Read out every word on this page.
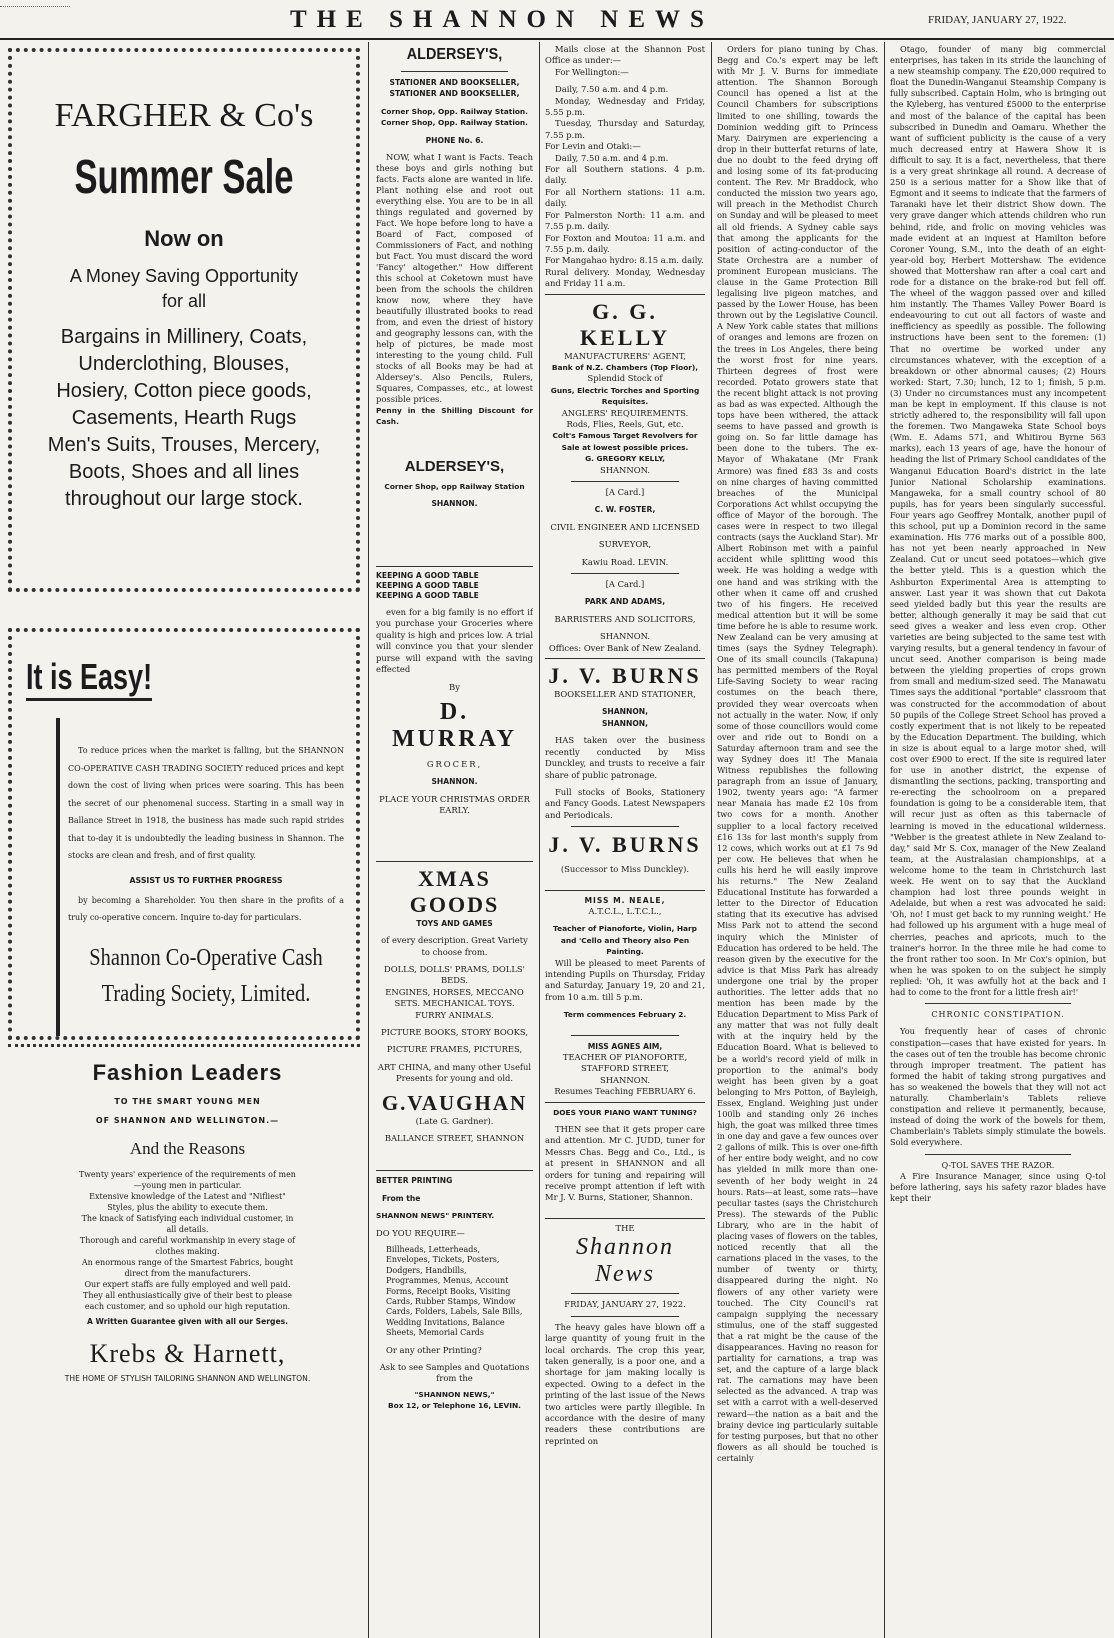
THE SHANNON NEWS	FRIDAY, JANUARY 27, 1922.
FARGHER & Co's
Summer Sale
Now on
A Money Saving Opportunity
for all
Bargains in Millinery, Coats,
Underclothing, Blouses,
Hosiery, Cotton piece goods,
Casements, Hearth Rugs
Men's Suits, Trouses, Mercery,
Boots, Shoes and all lines
throughout our large stock.
It is Easy!

To reduce prices when the market is falling, but the SHANNON CO-OPERATIVE CASH TRADING SOCIETY reduced prices and kept down the cost of living when prices were soaring. This has been the secret of our phenomenal success. Starting in a small way in Ballance Street in 1918, the business has made such rapid strides that to-day it is undoubtedly the leading business in Shannon. The stocks are clean and fresh, and of first quality.

ASSIST US TO FURTHER PROGRESS

by becoming a Shareholder. You then share in the profits of a truly co-operative concern. Inquire to-day for particulars.

Shannon Co-Operative Cash
Trading Society, Limited.
Fashion Leaders
TO THE SMART YOUNG MEN
OF SHANNON AND WELLINGTON.—
And the Reasons

Twenty years' experience of the requirements of men—young men in particular.

Extensive knowledge of the Latest and "Nifliest" Styles, plus the ability to execute them.

The knack of Satisfying each individual customer, in all details.

Thorough and careful workmanship in every stage of clothes making.

An enormous range of the Smartest Fabrics, bought direct from the manufacturers.

Our expert staffs are fully employed and well paid. They all enthusiastically give of their best to please each customer, and so uphold our high reputation.

A Written Guarantee given with all our Serges.

Krebs & Harnett,
THE HOME OF STYLISH TAILORING SHANNON AND WELLINGTON.
ALDERSEY'S,
STATIONER AND BOOKSELLER,
STATIONER AND BOOKSELLER,
Corner Shop, Opp. Railway Station.
Corner Shop, Opp. Railway Station.
PHONE No. 6.

NOW, what I want is Facts. Teach these boys and girls nothing but facts. Facts alone are wanted in life. Plant nothing else and root out everything else. You are to be in all things regulated and governed by Fact. We hope before long to have a Board of Fact, composed of Commissioners of Fact, and nothing but Fact. You must discard the word 'Fancy' altogether." How different this school at Coketown must have been from the schools the children know now, where they have beautifully illustrated books to read from, and even the driest of history and geography lessons can, with the help of pictures, be made most interesting to the young child. Full stocks of all Books may be had at Aldersey's. Also Pencils, Rulers, Squares, Compasses, etc., at lowest possible prices.

Penny in the Shilling Discount for Cash.

ALDERSEY'S,
Corner Shop, opp Railway Station
SHANNON.
KEEPING A GOOD TABLE
KEEPING A GOOD TABLE
KEEPING A GOOD TABLE

even for a big family is no effort if you purchase your Groceries where quality is high and prices low. A trial will convince you that your slender purse will expand with the saving effected

By
D. MURRAY
GROCER,
SHANNON.
PLACE YOUR CHRISTMAS ORDER EARLY.
XMAS GOODS
TOYS AND GAMES

of every description. Great Variety to choose from.

DOLLS, DOLLS' PRAMS, DOLLS' BEDS.

ENGINES, HORSES, MECCANO SETS. MECHANICAL TOYS.

FURRY ANIMALS.

PICTURE BOOKS, STORY BOOKS,

PICTURE FRAMES, PICTURES,

ART CHINA, and many other Useful Presents for young and old.

G.VAUGHAN
(Late G. Gardner).
BALLANCE STREET, SHANNON
BETTER PRINTING
From the
SHANNON NEWS" PRINTERY.
DO YOU REQUIRE—

Billheads, Letterheads, Envelopes, Tickets, Posters, Dodgers, Handbills, Programmes, Menus, Account Forms, Receipt Books, Visiting Cards, Rubber Stamps, Window Cards, Folders, Labels, Sale Bills, Wedding Invitations, Balance Sheets, Memorial Cards

Or any other Printing?

Ask to see Samples and Quotations from the

"SHANNON NEWS,"
Box 12, or Telephone 16, LEVIN.

Mails close at the Shannon Post Office as under:—

For Wellington:—

Daily, 7.50 a.m. and 4 p.m.

Monday, Wednesday and Friday, 5.55 p.m.

Tuesday, Thursday and Saturday, 7.55 p.m.

For Levin and Otaki:—

Daily, 7.50 a.m. and 4 p.m.

For all Southern stations. 4 p.m. daily.

For all Northern stations: 11 a.m. daily.

For Palmerston North: 11 a.m. and 7.55 p.m. daily.

For Foxton and Moutoa: 11 a.m. and 7.55 p.m. daily.

For Mangahao hydro: 8.15 a.m. daily.

Rural delivery. Monday, Wednesday and Friday 11 a.m.

G. G. KELLY
MANUFACTURERS' AGENT,
Bank of N.Z. Chambers (Top Floor),
Splendid Stock of
Guns, Electric Torches and Sporting Requisites.
ANGLERS' REQUIREMENTS.
Rods, Flies, Reels, Gut, etc.
Colt's Famous Target Revolvers for Sale at lowest possible prices.
G. GREGORY KELLY,
SHANNON.
[A Card.]
C. W. FOSTER,
CIVIL ENGINEER AND LICENSED
SURVEYOR,
Kawiu Road. LEVIN.
[A Card.]
PARK AND ADAMS,
BARRISTERS AND SOLICITORS,
SHANNON.
Offices: Over Bank of New Zealand.
J. V. BURNS
BOOKSELLER AND STATIONER,
SHANNON,
SHANNON,

HAS taken over the business recently conducted by Miss Dunckley, and trusts to receive a fair share of public patronage.

Full stocks of Books, Stationery and Fancy Goods. Latest Newspapers and Periodicals.

J. V. BURNS
(Successor to Miss Dunckley).
MISS M. NEALE,
A.T.C.L., L.T.C.L.,
Teacher of Pianoforte, Violin, Harp and 'Cello and Theory also Pen Painting.

Will be pleased to meet Parents of intending Pupils on Thursday, Friday and Saturday, January 19, 20 and 21, from 10 a.m. till 5 p.m.

Term commences February 2.
MISS AGNES AIM,
TEACHER OF PIANOFORTE,
STAFFORD STREET,
SHANNON.
Resumes Teaching FEBRUARY 6.
DOES YOUR PIANO WANT TUNING?

THEN see that it gets proper care and attention. Mr C. JUDD, tuner for Messrs Chas. Begg and Co., Ltd., is at present in SHANNON and all orders for tuning and repairing will receive prompt attention if left with Mr J. V. Burns, Stationer, Shannon.

THE
Shannon News
FRIDAY, JANUARY 27, 1922.

The heavy gales have blown off a large quantity of young fruit in the local orchards. The crop this year, taken generally, is a poor one, and a shortage for jam making locally is expected. Owing to a defect in the printing of the last issue of the News two articles were partly illegible. In accordance with the desire of many readers these contributions are reprinted on

Orders for piano tuning by Chas. Begg and Co.'s expert may be left with Mr J. V. Burns for immediate attention. The Shannon Borough Council has opened a list at the Council Chambers for subscriptions limited to one shilling, towards the Dominion wedding gift to Princess Mary. Dairymen are experiencing a drop in their butterfat returns of late, due no doubt to the feed drying off and losing some of its fat-producing content. The Rev. Mr Braddock, who conducted the mission two years ago, will preach in the Methodist Church on Sunday and will be pleased to meet all old friends. A Sydney cable says that among the applicants for the position of acting-conductor of the State Orchestra are a number of prominent European musicians. The clause in the Game Protection Bill legalising live pigeon matches, and passed by the Lower House, has been thrown out by the Legislative Council. A New York cable states that millions of oranges and lemons are frozen on the trees in Los Angeles, there being the worst frost for nine years. Thirteen degrees of frost were recorded. Potato growers state that the recent blight attack is not proving as bad as was expected. Although the tops have been withered, the attack seems to have passed and growth is going on. So far little damage has been done to the tubers. The ex-Mayor of Whakatane (Mr Frank Armore) was fined £83 3s and costs on nine charges of having committed breaches of the Municipal Corporations Act whilst occupying the office of Mayor of the borough. The cases were in respect to two illegal contracts (says the Auckland Star). Mr Albert Robinson met with a painful accident while splitting wood this week. He was holding a wedge with one hand and was striking with the other when it came off and crushed two of his fingers. He received medical attention but it will be some time before he is able to resume work. New Zealand can be very amusing at times (says the Sydney Telegraph). One of its small councils (Takapuna) has permitted members of the Royal Life-Saving Society to wear racing costumes on the beach there, provided they wear overcoats when not actually in the water. Now, if only some of those councillors would come over and ride out to Bondi on a Saturday afternoon tram and see the way Sydney does it! The Manaia Witness republishes the following paragraph from an issue of January, 1902, twenty years ago: "A farmer near Manaia has made £2 10s from two cows for a month. Another supplier to a local factory received £16 13s for last month's supply from 12 cows, which works out at £1 7s 9d per cow. He believes that when he culls his herd he will easily improve his returns." The New Zealand Educational Institute has forwarded a letter to the Director of Education stating that its executive has advised Miss Park not to attend the second inquiry which the Minister of Education has ordered to be held. The reason given by the executive for the advice is that Miss Park has already undergone one trial by the proper authorities. The letter adds that no mention has been made by the Education Department to Miss Park of any matter that was not fully dealt with at the inquiry held by the Education Board. What is believed to be a world's record yield of milk in proportion to the animal's body weight has been given by a goat belonging to Mrs Potton, of Bayleigh, Essex, England. Weighing just under 100lb and standing only 26 inches high, the goat was milked three times in one day and gave a few ounces over 2 gallons of milk. This is over one-fifth of her entire body weight, and no cow has yielded in milk more than one-seventh of her body weight in 24 hours. Rats—at least, some rats—have peculiar tastes (says the Christchurch Press). The stewards of the Public Library, who are in the habit of placing vases of flowers on the tables, noticed recently that all the carnations placed in the vases, to the number of twenty or thirty, disappeared during the night. No flowers of any other variety were touched. The City Council's rat campaign supplying the necessary stimulus, one of the staff suggested that a rat might be the cause of the disappearances. Having no reason for partiality for carnations, a trap was set, and the capture of a large black rat. The carnations may have been selected as the advanced. A trap was set with a carrot with a well-deserved reward—the nation as a bait and the brainy device ing particularly suitable for testing purposes, but that no other flowers as all should be touched is certainly

Otago, founder of many big commercial enterprises, has taken in its stride the launching of a new steamship company. The £20,000 required to float the Dunedin-Wanganui Steamship Company is fully subscribed. Captain Holm, who is bringing out the Kyleberg, has ventured £5000 to the enterprise and most of the balance of the capital has been subscribed in Dunedin and Oamaru. Whether the want of sufficient publicity is the cause of a very much decreased entry at Hawera Show it is difficult to say. It is a fact, nevertheless, that there is a very great shrinkage all round. A decrease of 250 is a serious matter for a Show like that of Egmont and it seems to indicate that the farmers of Taranaki have let their district Show down. The very grave danger which attends children who run behind, ride, and frolic on moving vehicles was made evident at an inquest at Hamilton before Coroner Young, S.M., into the death of an eight-year-old boy, Herbert Mottershaw. The evidence showed that Mottershaw ran after a coal cart and rode for a distance on the brake-rod but fell off. The wheel of the waggon passed over and killed him instantly. The Thames Valley Power Board is endeavouring to cut out all factors of waste and inefficiency as speedily as possible. The following instructions have been sent to the foremen: (1) That no overtime be worked under any circumstances whatever, with the exception of a breakdown or other abnormal causes; (2) Hours worked: Start, 7.30; lunch, 12 to 1; finish, 5 p.m. (3) Under no circumstances must any incompetent man be kept in employment. If this clause is not strictly adhered to, the responsibility will fall upon the foremen. Two Mangaweka State School boys (Wm. E. Adams 571, and Whitirou Byrne 563 marks), each 13 years of age, have the honour of heading the list of Primary School candidates of the Wanganui Education Board's district in the late Junior National Scholarship examinations. Mangaweka, for a small country school of 80 pupils, has for years been singularly successful. Four years ago Geoffrey Montalk, another pupil of this school, put up a Dominion record in the same examination. His 776 marks out of a possible 800, has not yet been nearly approached in New Zealand. Cut or uncut seed potatoes—which give the better yield. This is a question which the Ashburton Experimental Area is attempting to answer. Last year it was shown that cut Dakota seed yielded badly but this year the results are better, although generally it may be said that cut seed gives a weaker and less even crop. Other varieties are being subjected to the same test with varying results, but a general tendency in favour of uncut seed. Another comparison is being made between the yielding properties of crops grown from small and medium-sized seed. The Manawatu Times says the additional "portable" classroom that was constructed for the accommodation of about 50 pupils of the College Street School has proved a costly experiment that is not likely to be repeated by the Education Department. The building, which in size is about equal to a large motor shed, will cost over £900 to erect. If the site is required later for use in another district, the expense of dismantling the sections, packing, transporting and re-erecting the schoolroom on a prepared foundation is going to be a considerable item, that will recur just as often as this tabernacle of learning is moved in the educational wilderness. "Webber is the greatest athlete in New Zealand to-day," said Mr S. Cox, manager of the New Zealand team, at the Australasian championships, at a welcome home to the team in Christchurch last week. He went on to say that the Auckland champion had lost three pounds weight in Adelaide, but when a rest was advocated he said: 'Oh, no! I must get back to my running weight.' He had followed up his argument with a huge meal of cherries, peaches and apricots, much to the trainer's horror. In the three mile he had come to the front rather too soon. In Mr Cox's opinion, but when he was spoken to on the subject he simply replied: 'Oh, it was awfully hot at the back and I had to come to the front for a little fresh air!'

CHRONIC CONSTIPATION.

You frequently hear of cases of chronic constipation—cases that have existed for years. In the cases out of ten the trouble has become chronic through improper treatment. The patient has formed the habit of taking strong purgatives and has so weakened the bowels that they will not act naturally. Chamberlain's Tablets relieve constipation and relieve it permanently, because, instead of doing the work of the bowels for them, Chamberlain's Tablets simply stimulate the bowels. Sold everywhere.

Q-TOL SAVES THE RAZOR.

A Fire Insurance Manager, since using Q-tol before lathering, says his safety razor blades have kept their
